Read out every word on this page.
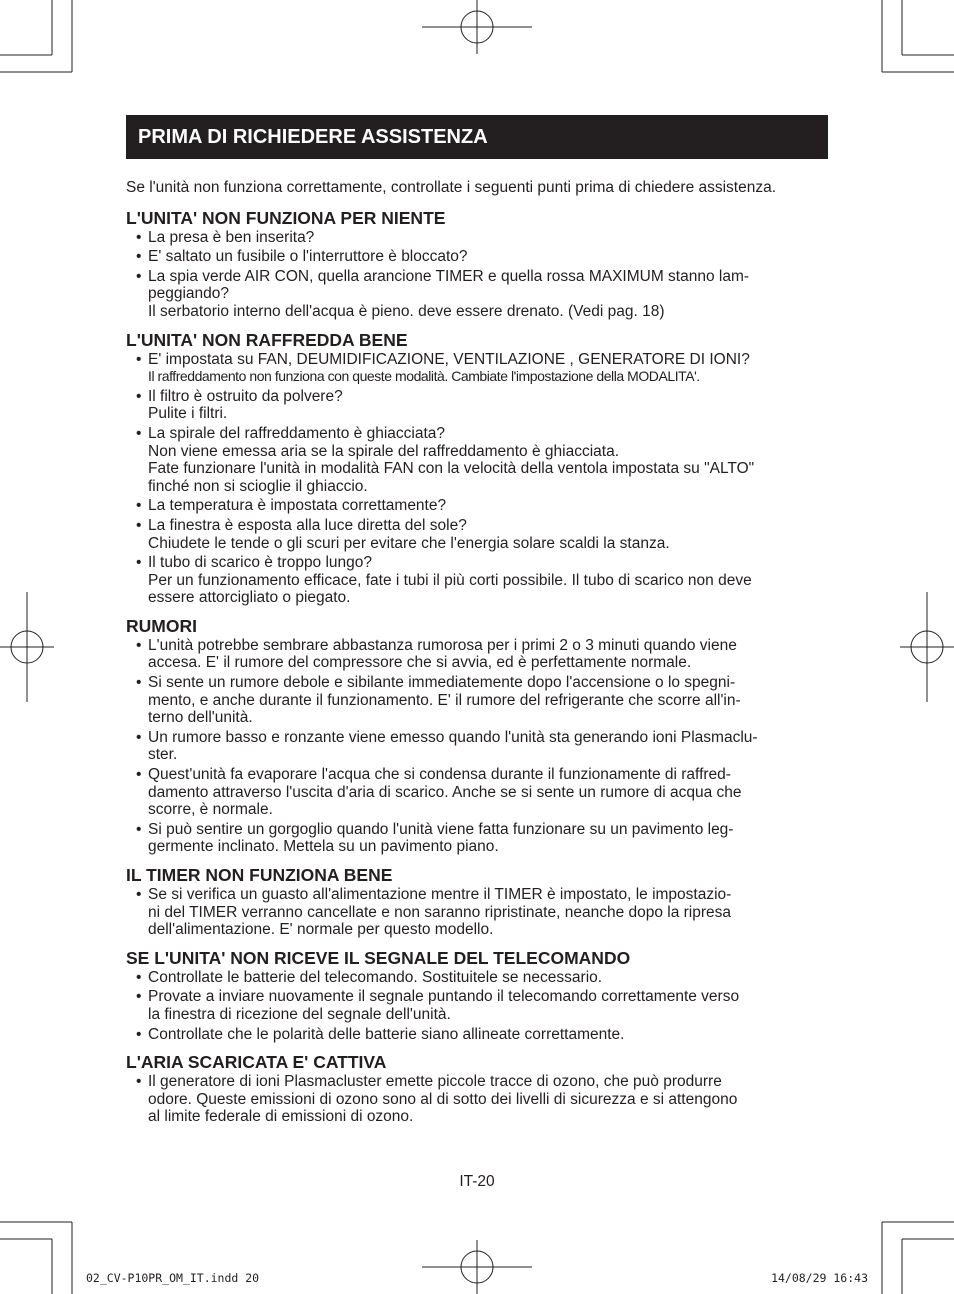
PRIMA DI RICHIEDERE ASSISTENZA

Se l'unità non funziona correttamente, controllate i seguenti punti prima di chiedere assistenza.

L'UNITA' NON FUNZIONA PER NIENTE
• La presa è ben inserita?
• E' saltato un fusibile o l'interruttore è bloccato?
• La spia verde AIR CON, quella arancione TIMER e quella rossa MAXIMUM stanno lam-
peggiando?
Il serbatorio interno dell'acqua è pieno. deve essere drenato. (Vedi pag. 18)
L'UNITA' NON RAFFREDDA BENE
• E' impostata su FAN, DEUMIDIFICAZIONE, VENTILAZIONE , GENERATORE DI IONI?
Il raffreddamento non funziona con queste modalità. Cambiate l'impostazione della MODALITA'.
• Il filtro è ostruito da polvere?
Pulite i filtri.
• La spirale del raffreddamento è ghiacciata?
Non viene emessa aria se la spirale del raffreddamento è ghiacciata.
Fate funzionare l'unità in modalità FAN con la velocità della ventola impostata su "ALTO"
finché non si scioglie il ghiaccio.
• La temperatura è impostata correttamente?
• La finestra è esposta alla luce diretta del sole?
Chiudete le tende o gli scuri per evitare che l'energia solare scaldi la stanza.
• Il tubo di scarico è troppo lungo?
Per un funzionamento efficace, fate i tubi il più corti possibile. Il tubo di scarico non deve
essere attorcigliato o piegato.
RUMORI
• L'unità potrebbe sembrare abbastanza rumorosa per i primi 2 o 3 minuti quando viene
accesa. E' il rumore del compressore che si avvia, ed è perfettamente normale.
• Si sente un rumore debole e sibilante immediatemente dopo l'accensione o lo spegni-
mento, e anche durante il funzionamento. E' il rumore del refrigerante che scorre all'in-
terno dell'unità.
• Un rumore basso e ronzante viene emesso quando l'unità sta generando ioni Plasmaclu-
ster.
• Quest'unità fa evaporare l'acqua che si condensa durante il funzionamente di raffred-
damento attraverso l'uscita d'aria di scarico. Anche se si sente un rumore di acqua che
scorre, è normale.
• Si può sentire un gorgoglio quando l'unità viene fatta funzionare su un pavimento leg-
germente inclinato. Mettela su un pavimento piano.
IL TIMER NON FUNZIONA BENE
• Se si verifica un guasto all'alimentazione mentre il TIMER è impostato, le impostazio-
ni del TIMER verranno cancellate e non saranno ripristinate, neanche dopo la ripresa
dell'alimentazione. E' normale per questo modello.
SE L'UNITA' NON RICEVE IL SEGNALE DEL TELECOMANDO
• Controllate le batterie del telecomando. Sostituitele se necessario.
• Provate a inviare nuovamente il segnale puntando il telecomando correttamente verso
la finestra di ricezione del segnale dell'unità.
• Controllate che le polarità delle batterie siano allineate correttamente.
L'ARIA SCARICATA E' CATTIVA
• Il generatore di ioni Plasmacluster emette piccole tracce di ozono, che può produrre
odore. Queste emissioni di ozono sono al di sotto dei livelli di sicurezza e si attengono
al limite federale di emissioni di ozono.
IT-20
02_CV-P10PR_OM_IT.indd 20	14/08/29 16:43
